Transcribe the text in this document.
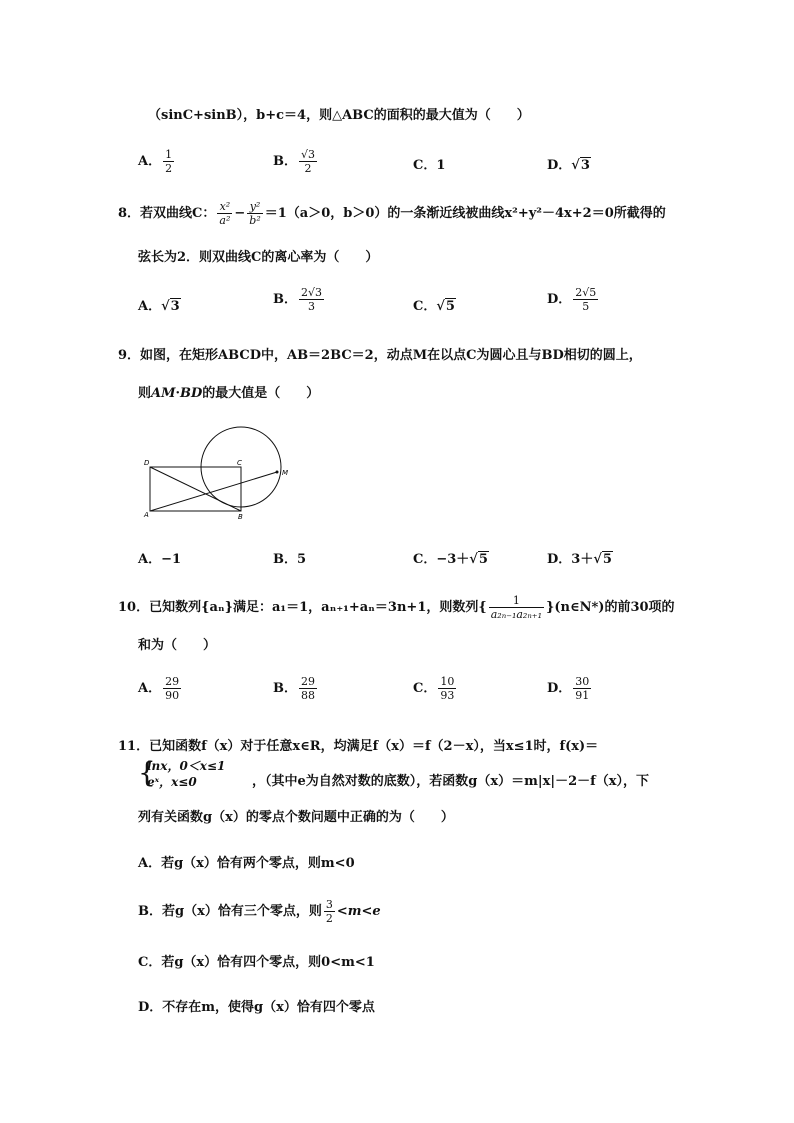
（sinC+sinB），b+c＝4，则△ABC的面积的最大值为（　　）
A． $\frac{1}{2}$	B． $\frac{√3}{2}$	C．1	D．√3
8．若双曲线C： $\frac{\text{x²}}{\text{a²}} - \frac{\text{y²}}{\text{b²}} =1(a>0$，b＞0）的一条渐近线被曲线x²+y²－4x+2＝0所截得的
弦长为2．则双曲线C的离心率为（　　）
A．√3	B． $\frac{2√3}{3}$	C．√5	D． $\frac{2√5}{5}$
9．如图，在矩形ABCD中，AB＝2BC＝2，动点M在以点C为圆心且与BD相切的圆上，
则AM·BD的最大值是（　　）
D	C
A	B
M
A．−1	B．5	C．−3＋√5	D．3＋√5
10．已知数列{aₙ}满足：a₁＝1，aₙ₊₁+aₙ＝3n+1，则数列{ $\frac{1}{\text{a₂ₙ₋₁a₂ₙ₊₁}}$ }(n∈N*)的前30项的
和为（　　）
A． $\frac{29}{90}$	B． $\frac{29}{88}$	C． $\frac{10}{93}$	D． $\frac{30}{91}$
11．已知函数f（x）对于任意x∈R，均满足f（x）＝f（2－x），当x≤1时，f(x)＝
{
lnx，0＜x≤1
eˣ，x≤0	，（其中e为自然对数的底数），若函数g（x）＝m|x|－2－f（x），下
列有关函数g（x）的零点个数问题中正确的为（　　）
A．若g（x）恰有两个零点，则m<0
B．若g（x）恰有三个零点，则 $\frac{3}{2} <m<e$
C．若g（x）恰有四个零点，则0<m<1
D．不存在m，使得g（x）恰有四个零点
